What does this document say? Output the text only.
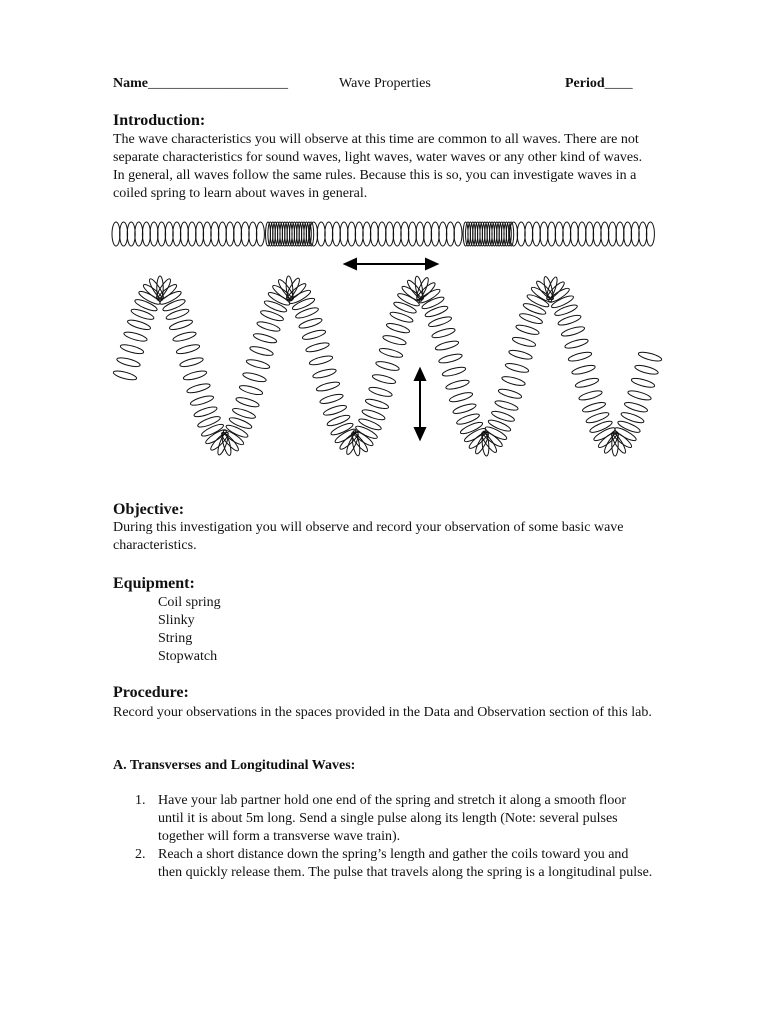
Name____________________	Wave Properties	Period____
Introduction:
The wave characteristics you will observe at this time are common to all waves. There are not separate characteristics for sound waves, light waves, water waves or any other kind of waves. In general, all waves follow the same rules. Because this is so, you can investigate waves in a coiled spring to learn about waves in general.
Objective:
During this investigation you will observe and record your observation of some basic wave characteristics.
Equipment:
Coil spring
Slinky
String
Stopwatch
Procedure:
Record your observations in the spaces provided in the Data and Observation section of this lab.
A. Transverses and Longitudinal Waves:
1. Have your lab partner hold one end of the spring and stretch it along a smooth floor until it is about 5m long. Send a single pulse along its length (Note: several pulses together will form a transverse wave train).
2. Reach a short distance down the spring’s length and gather the coils toward you and then quickly release them. The pulse that travels along the spring is a longitudinal pulse.
